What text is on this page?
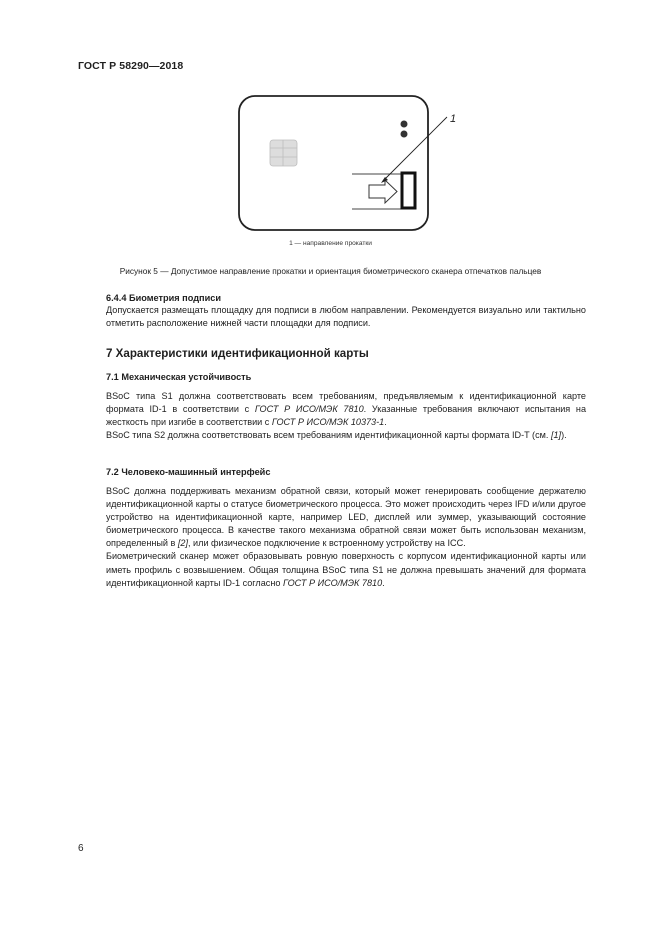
ГОСТ Р 58290—2018
1
1 — направление прокатки
Рисунок 5 — Допустимое направление прокатки и ориентация биометрического сканера отпечатков пальцев
6.4.4 Биометрия подписи

Допускается размещать площадку для подписи в любом направлении. Рекомендуется визуально или тактильно отметить расположение нижней части площадки для подписи.

7 Характеристики идентификационной карты
7.1 Механическая устойчивость

BSoC типа S1 должна соответствовать всем требованиям, предъявляемым к идентификационной карте формата ID-1 в соответствии с ГОСТ Р ИСО/МЭК 7810. Указанные требования включают испытания на жесткость при изгибе в соответствии с ГОСТ Р ИСО/МЭК 10373-1.

BSoC типа S2 должна соответствовать всем требованиям идентификационной карты формата ID-T (см. [1]).

7.2 Человеко-машинный интерфейс

BSoC должна поддерживать механизм обратной связи, который может генерировать сообщение держателю идентификационной карты о статусе биометрического процесса. Это может происходить через IFD и/или другое устройство на идентификационной карте, например LED, дисплей или зуммер, указывающий состояние биометрического процесса. В качестве такого механизма обратной связи может быть использован механизм, определенный в [2], или физическое подключение к встроенному устройству на ICC.

Биометрический сканер может образовывать ровную поверхность с корпусом идентификационной карты или иметь профиль с возвышением. Общая толщина BSoC типа S1 не должна превышать значений для формата идентификационной карты ID-1 согласно ГОСТ Р ИСО/МЭК 7810.

6
